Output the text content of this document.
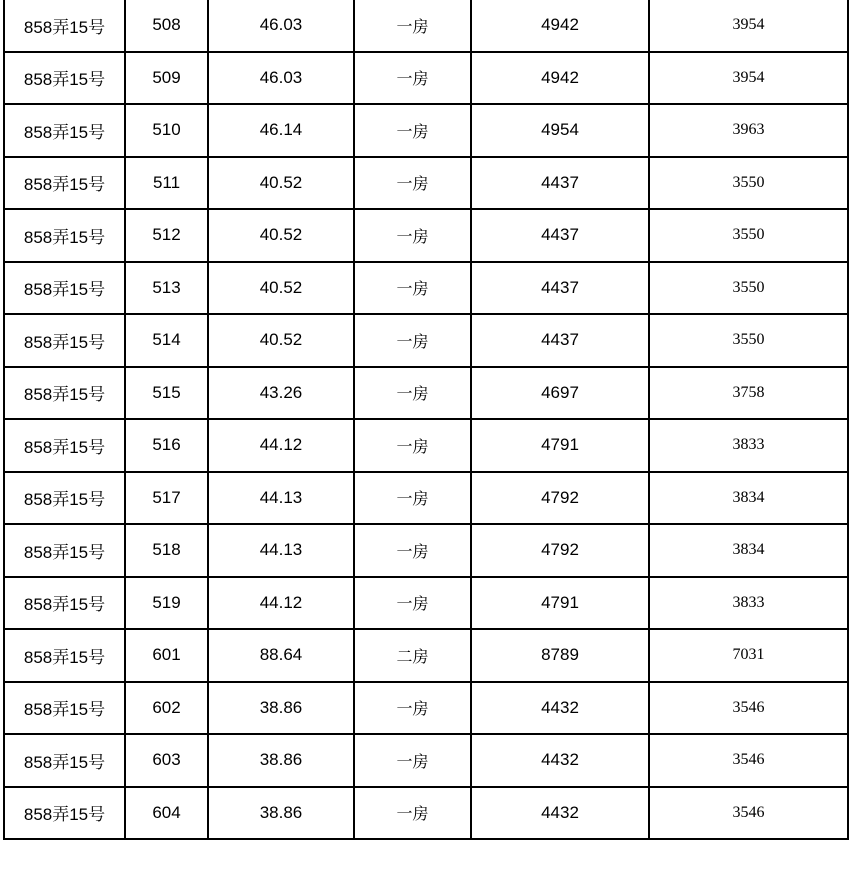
858弄15号	508	46.03	一房	4942	3954
858弄15号	509	46.03	一房	4942	3954
858弄15号	510	46.14	一房	4954	3963
858弄15号	511	40.52	一房	4437	3550
858弄15号	512	40.52	一房	4437	3550
858弄15号	513	40.52	一房	4437	3550
858弄15号	514	40.52	一房	4437	3550
858弄15号	515	43.26	一房	4697	3758
858弄15号	516	44.12	一房	4791	3833
858弄15号	517	44.13	一房	4792	3834
858弄15号	518	44.13	一房	4792	3834
858弄15号	519	44.12	一房	4791	3833
858弄15号	601	88.64	二房	8789	7031
858弄15号	602	38.86	一房	4432	3546
858弄15号	603	38.86	一房	4432	3546
858弄15号	604	38.86	一房	4432	3546
